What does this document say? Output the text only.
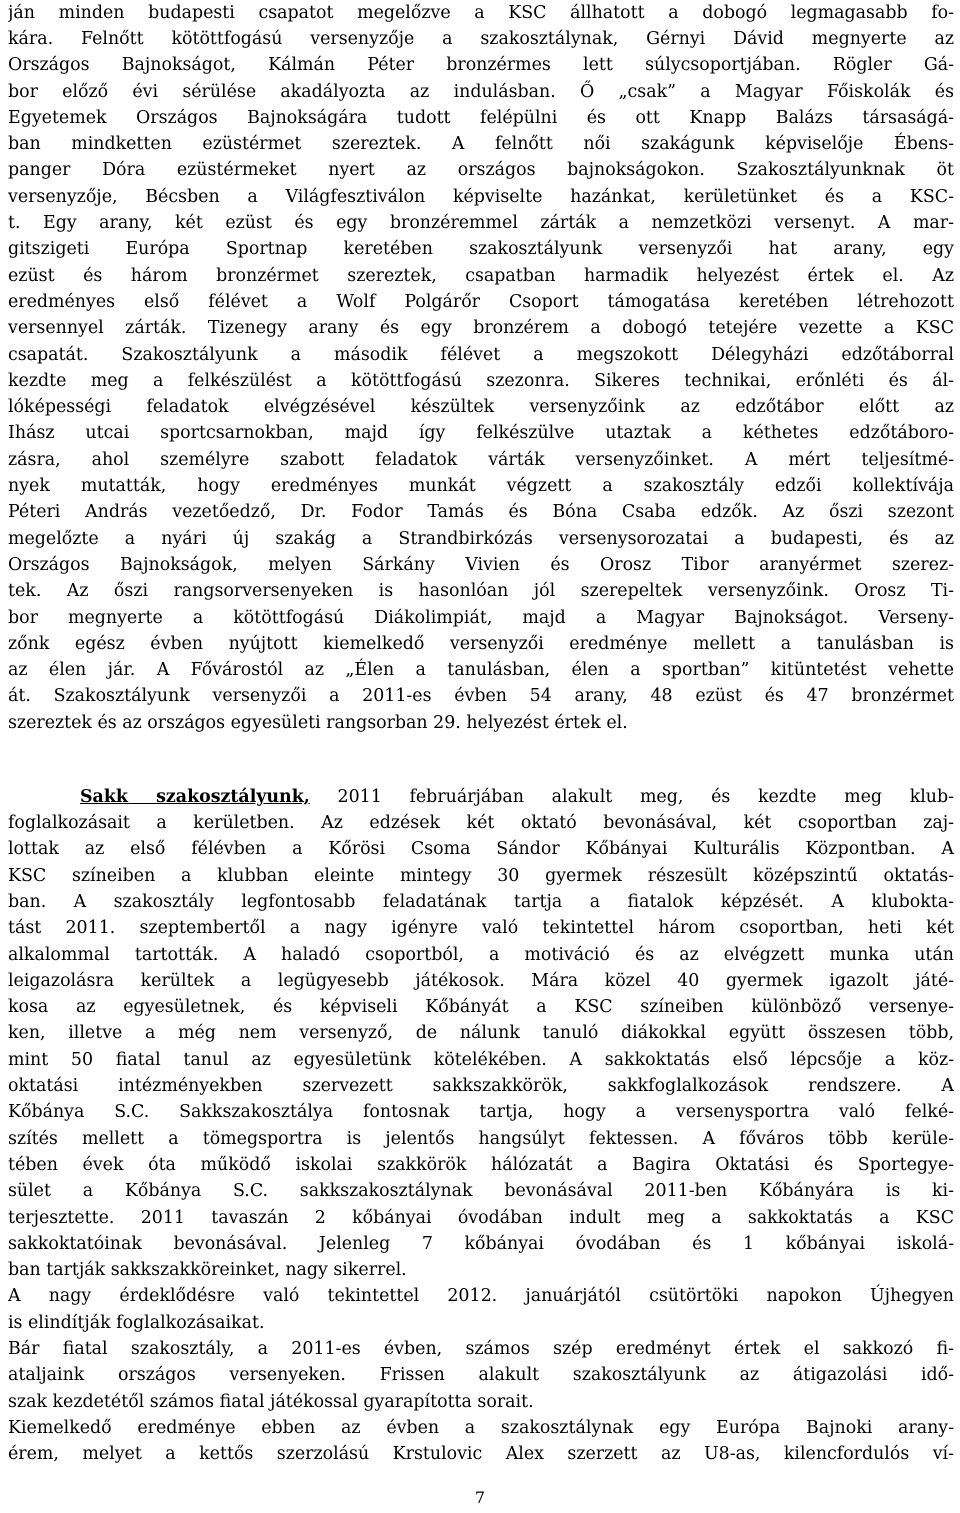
ján minden budapesti csapatot megelőzve a KSC állhatott a dobogó legmagasabb fo-
kára. Felnőtt kötöttfogású versenyzője a szakosztálynak, Gérnyi Dávid megnyerte az
Országos Bajnokságot, Kálmán Péter bronzérmes lett súlycsoportjában. Rögler Gá-
bor előző évi sérülése akadályozta az indulásban. Ő „csak” a Magyar Főiskolák és
Egyetemek Országos Bajnokságára tudott felépülni és ott Knapp Balázs társaságá-
ban mindketten ezüstérmet szereztek. A felnőtt női szakágunk képviselője Ébens-
panger Dóra ezüstérmeket nyert az országos bajnokságokon. Szakosztályunknak öt
versenyzője, Bécsben a Világfesztiválon képviselte hazánkat, kerületünket és a KSC-
t. Egy arany, két ezüst és egy bronzéremmel zárták a nemzetközi versenyt. A mar-
gitszigeti Európa Sportnap keretében szakosztályunk versenyzői hat arany, egy
ezüst és három bronzérmet szereztek, csapatban harmadik helyezést értek el. Az
eredményes első félévet a Wolf Polgárőr Csoport támogatása keretében létrehozott
versennyel zárták. Tizenegy arany és egy bronzérem a dobogó tetejére vezette a KSC
csapatát. Szakosztályunk a második félévet a megszokott Délegyházi edzőtáborral
kezdte meg a felkészülést a kötöttfogású szezonra. Sikeres technikai, erőnléti és ál-
lóképességi feladatok elvégzésével készültek versenyzőink az edzőtábor előtt az
Ihász utcai sportcsarnokban, majd így felkészülve utaztak a kéthetes edzőtáboro-
zásra, ahol személyre szabott feladatok várták versenyzőinket. A mért teljesítmé-
nyek mutatták, hogy eredményes munkát végzett a szakosztály edzői kollektívája
Péteri András vezetőedző, Dr. Fodor Tamás és Bóna Csaba edzők. Az őszi szezont
megelőzte a nyári új szakág a Strandbirkózás versenysorozatai a budapesti, és az
Országos Bajnokságok, melyen Sárkány Vivien és Orosz Tibor aranyérmet szerez-
tek. Az őszi rangsorversenyeken is hasonlóan jól szerepeltek versenyzőink. Orosz Ti-
bor megnyerte a kötöttfogású Diákolimpiát, majd a Magyar Bajnokságot. Verseny-
zőnk egész évben nyújtott kiemelkedő versenyzői eredménye mellett a tanulásban is
az élen jár. A Fővárostól az „Élen a tanulásban, élen a sportban” kitüntetést vehette
át. Szakosztályunk versenyzői a 2011-es évben 54 arany, 48 ezüst és 47 bronzérmet
szereztek és az országos egyesületi rangsorban 29. helyezést értek el.
Sakk szakosztályunk, 2011 februárjában alakult meg, és kezdte meg klub-
foglalkozásait a kerületben. Az edzések két oktató bevonásával, két csoportban zaj-
lottak az első félévben a Kőrösi Csoma Sándor Kőbányai Kulturális Központban. A
KSC színeiben a klubban eleinte mintegy 30 gyermek részesült középszintű oktatás-
ban. A szakosztály legfontosabb feladatának tartja a fiatalok képzését. A klubokta-
tást 2011. szeptembertől a nagy igényre való tekintettel három csoportban, heti két
alkalommal tartották. A haladó csoportból, a motiváció és az elvégzett munka után
leigazolásra kerültek a legügyesebb játékosok. Mára közel 40 gyermek igazolt játé-
kosa az egyesületnek, és képviseli Kőbányát a KSC színeiben különböző versenye-
ken, illetve a még nem versenyző, de nálunk tanuló diákokkal együtt összesen több,
mint 50 fiatal tanul az egyesületünk kötelékében. A sakkoktatás első lépcsője a köz-
oktatási intézményekben szervezett sakkszakkörök, sakkfoglalkozások rendszere. A
Kőbánya S.C. Sakkszakosztálya fontosnak tartja, hogy a versenysportra való felké-
szítés mellett a tömegsportra is jelentős hangsúlyt fektessen. A főváros több kerüle-
tében évek óta működő iskolai szakkörök hálózatát a Bagira Oktatási és Sportegye-
sület a Kőbánya S.C. sakkszakosztálynak bevonásával 2011-ben Kőbányára is ki-
terjesztette. 2011 tavaszán 2 kőbányai óvodában indult meg a sakkoktatás a KSC
sakkoktatóinak bevonásával. Jelenleg 7 kőbányai óvodában és 1 kőbányai iskolá-
ban tartják sakkszakköreinket, nagy sikerrel.
A nagy érdeklődésre való tekintettel 2012. januárjától csütörtöki napokon Újhegyen
is elindítják foglalkozásaikat.
Bár fiatal szakosztály, a 2011-es évben, számos szép eredményt értek el sakkozó fi-
ataljaink országos versenyeken. Frissen alakult szakosztályunk az átigazolási idő-
szak kezdetétől számos fiatal játékossal gyarapította sorait.
Kiemelkedő eredménye ebben az évben a szakosztálynak egy Európa Bajnoki arany-
érem, melyet a kettős szerzolású Krstulovic Alex szerzett az U8-as, kilencfordulós ví-
7
